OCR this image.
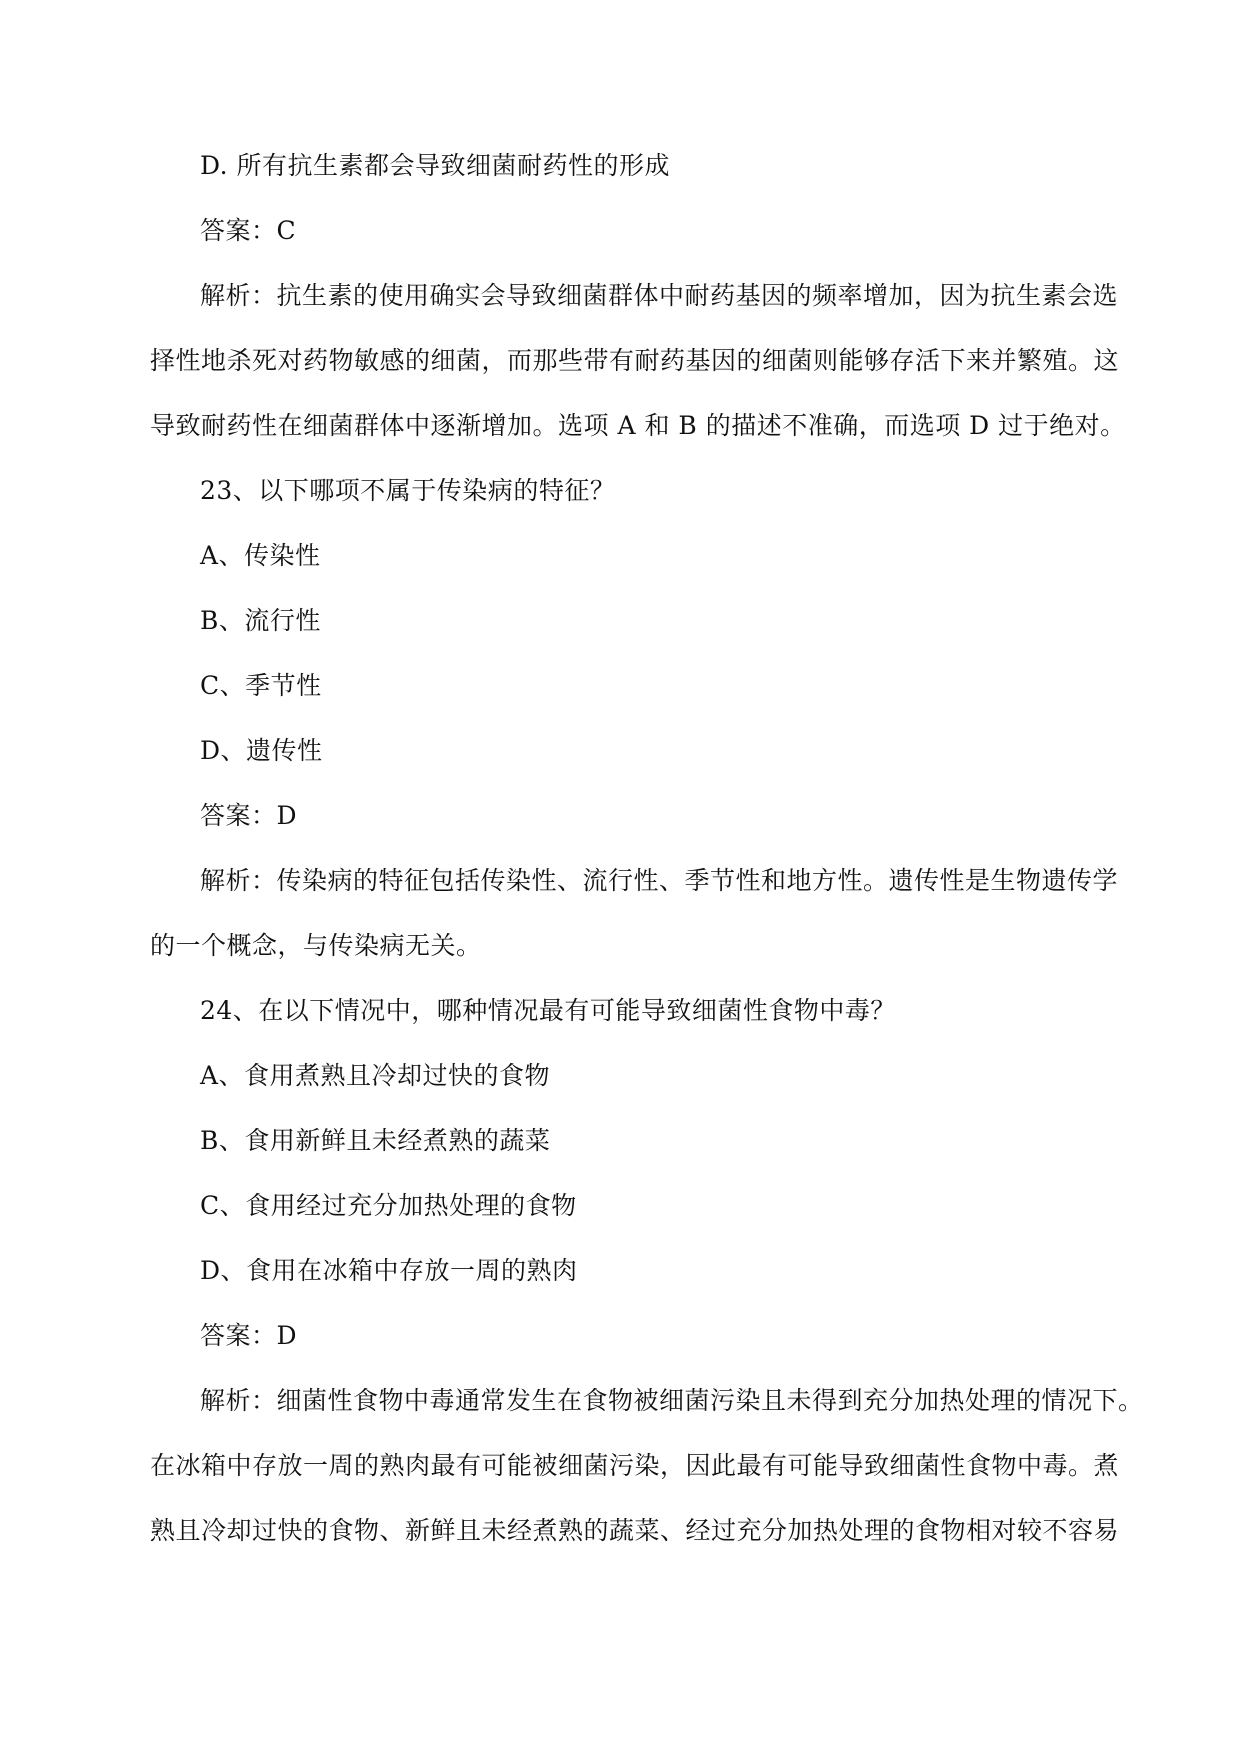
D. 所有抗生素都会导致细菌耐药性的形成
答案：C
解析：抗生素的使用确实会导致细菌群体中耐药基因的频率增加，因为抗生素会选
择性地杀死对药物敏感的细菌，而那些带有耐药基因的细菌则能够存活下来并繁殖。这
导致耐药性在细菌群体中逐渐增加。选项 A 和 B 的描述不准确，而选项 D 过于绝对。
23、以下哪项不属于传染病的特征？
A、传染性
B、流行性
C、季节性
D、遗传性
答案：D
解析：传染病的特征包括传染性、流行性、季节性和地方性。遗传性是生物遗传学
的一个概念，与传染病无关。
24、在以下情况中，哪种情况最有可能导致细菌性食物中毒？
A、食用煮熟且冷却过快的食物
B、食用新鲜且未经煮熟的蔬菜
C、食用经过充分加热处理的食物
D、食用在冰箱中存放一周的熟肉
答案：D
解析：细菌性食物中毒通常发生在食物被细菌污染且未得到充分加热处理的情况下。
在冰箱中存放一周的熟肉最有可能被细菌污染，因此最有可能导致细菌性食物中毒。煮
熟且冷却过快的食物、新鲜且未经煮熟的蔬菜、经过充分加热处理的食物相对较不容易
